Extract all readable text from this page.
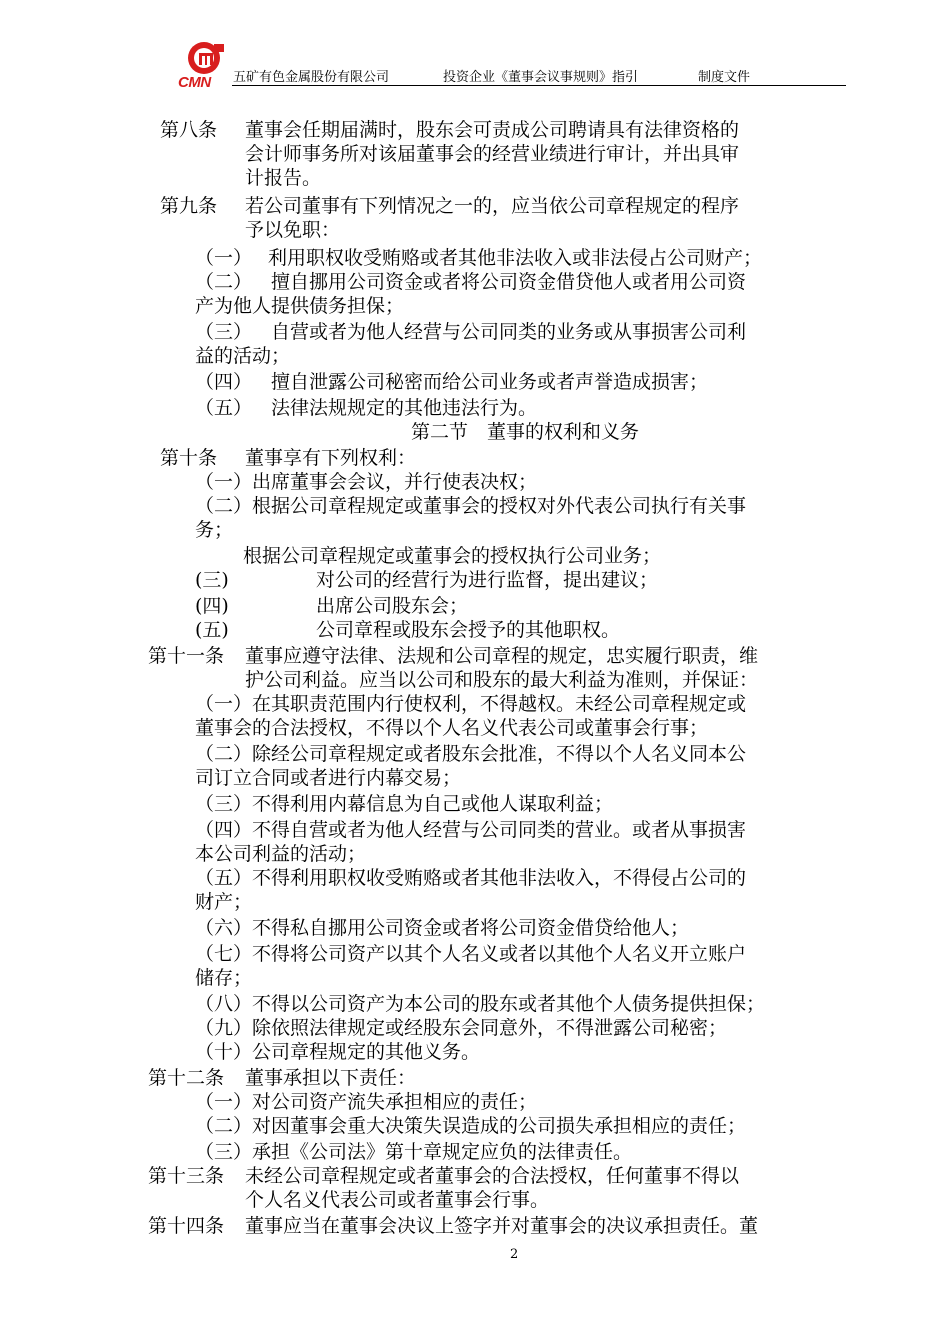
CMN 五矿有色金属股份有限公司	投资企业《董事会议事规则》指引	制度文件
第八条 董事会任期届满时，股东会可责成公司聘请具有法律资格的
会计师事务所对该届董事会的经营业绩进行审计，并出具审
计报告。
第九条 若公司董事有下列情况之一的，应当依公司章程规定的程序
予以免职：
（一） 利用职权收受贿赂或者其他非法收入或非法侵占公司财产；
（二） 擅自挪用公司资金或者将公司资金借贷他人或者用公司资
产为他人提供债务担保；
（三） 自营或者为他人经营与公司同类的业务或从事损害公司利
益的活动；
（四） 擅自泄露公司秘密而给公司业务或者声誉造成损害；
（五） 法律法规规定的其他违法行为。
第二节　董事的权利和义务
第十条 董事享有下列权利：
（一）出席董事会会议，并行使表决权；
（二）根据公司章程规定或董事会的授权对外代表公司执行有关事
务；
根据公司章程规定或董事会的授权执行公司业务；
(三)	对公司的经营行为进行监督，提出建议；
(四)	出席公司股东会；
(五)	公司章程或股东会授予的其他职权。
第十一条 董事应遵守法律、法规和公司章程的规定，忠实履行职责，维
护公司利益。应当以公司和股东的最大利益为准则，并保证：
（一）在其职责范围内行使权利，不得越权。未经公司章程规定或
董事会的合法授权，不得以个人名义代表公司或董事会行事；
（二）除经公司章程规定或者股东会批准，不得以个人名义同本公
司订立合同或者进行内幕交易；
（三）不得利用内幕信息为自己或他人谋取利益；
（四）不得自营或者为他人经营与公司同类的营业。或者从事损害
本公司利益的活动；
（五）不得利用职权收受贿赂或者其他非法收入，不得侵占公司的
财产；
（六）不得私自挪用公司资金或者将公司资金借贷给他人；
（七）不得将公司资产以其个人名义或者以其他个人名义开立账户
储存；
（八）不得以公司资产为本公司的股东或者其他个人债务提供担保；
（九）除依照法律规定或经股东会同意外，不得泄露公司秘密；
（十）公司章程规定的其他义务。
第十二条 董事承担以下责任：
（一）对公司资产流失承担相应的责任；
（二）对因董事会重大决策失误造成的公司损失承担相应的责任；
（三）承担《公司法》第十章规定应负的法律责任。
第十三条 未经公司章程规定或者董事会的合法授权，任何董事不得以
个人名义代表公司或者董事会行事。
第十四条 董事应当在董事会决议上签字并对董事会的决议承担责任。董
2
